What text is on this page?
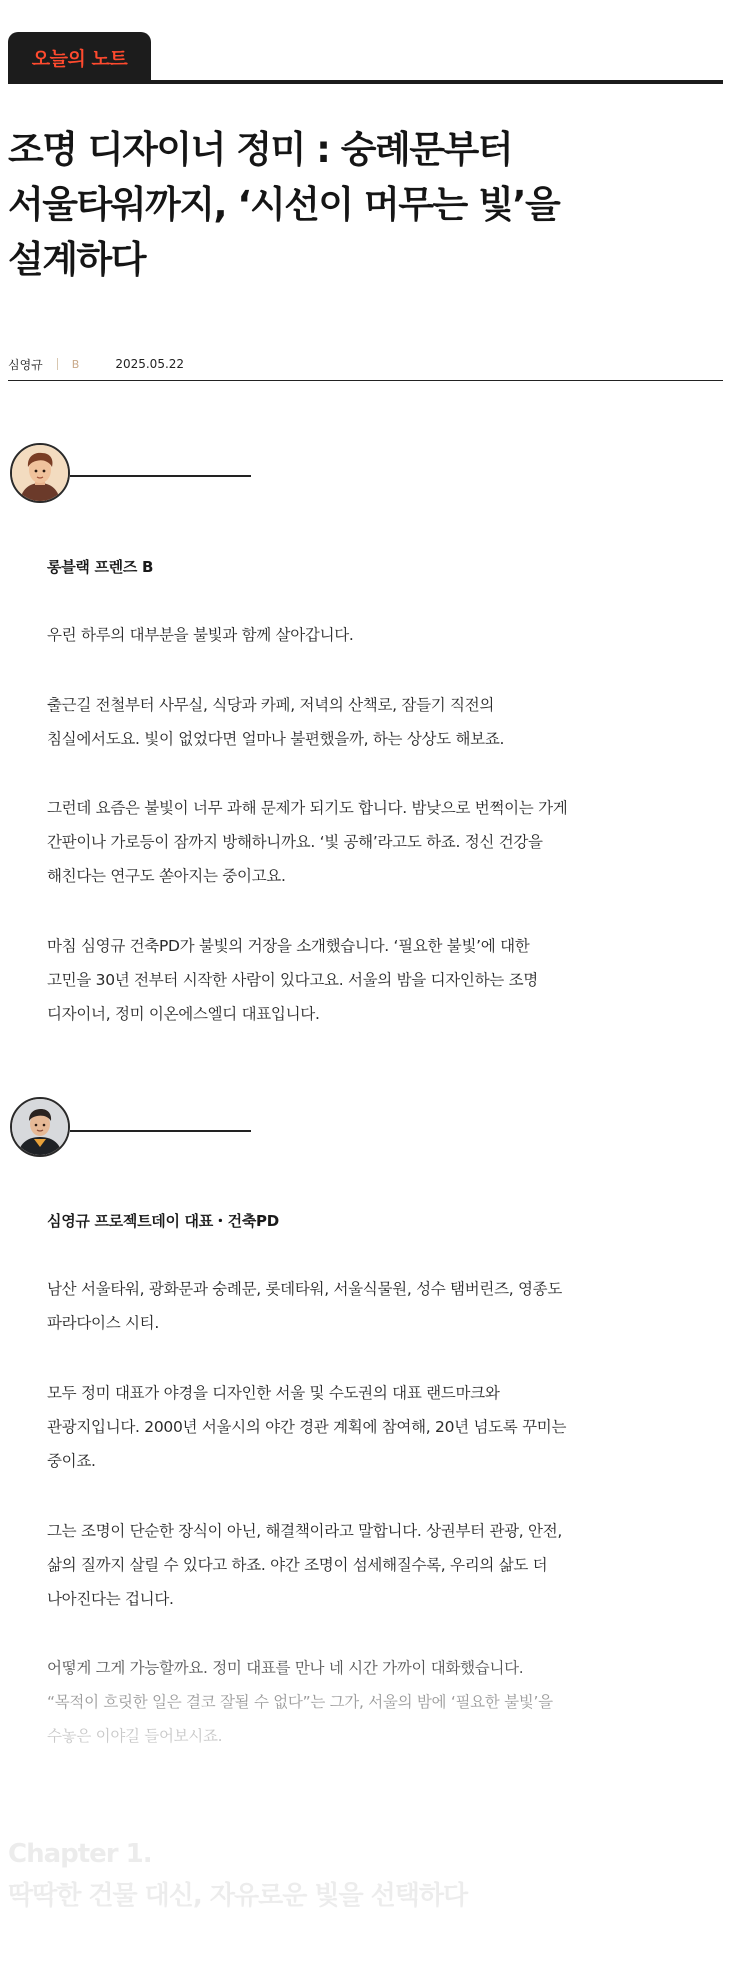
오늘의 노트
조명 디자이너 정미 : 숭례문부터
서울타워까지, ‘시선이 머무는 빛’을
설계하다
심영규	B	2025.05.22
롱블랙 프렌즈 B

우린 하루의 대부분을 불빛과 함께 살아갑니다.

출근길 전철부터 사무실, 식당과 카페, 저녁의 산책로, 잠들기 직전의
침실에서도요. 빛이 없었다면 얼마나 불편했을까, 하는 상상도 해보죠.

그런데 요즘은 불빛이 너무 과해 문제가 되기도 합니다. 밤낮으로 번쩍이는 가게
간판이나 가로등이 잠까지 방해하니까요. ‘빛 공해’라고도 하죠. 정신 건강을
해친다는 연구도 쏟아지는 중이고요.

마침 심영규 건축PD가 불빛의 거장을 소개했습니다. ‘필요한 불빛’에 대한
고민을 30년 전부터 시작한 사람이 있다고요. 서울의 밤을 디자인하는 조명
디자이너, 정미 이온에스엘디 대표입니다.

심영규 프로젝트데이 대표・건축PD

남산 서울타워, 광화문과 숭례문, 롯데타워, 서울식물원, 성수 탬버린즈, 영종도
파라다이스 시티.

모두 정미 대표가 야경을 디자인한 서울 및 수도권의 대표 랜드마크와
관광지입니다. 2000년 서울시의 야간 경관 계획에 참여해, 20년 넘도록 꾸미는
중이죠.

그는 조명이 단순한 장식이 아닌, 해결책이라고 말합니다. 상권부터 관광, 안전,
삶의 질까지 살릴 수 있다고 하죠. 야간 조명이 섬세해질수록, 우리의 삶도 더
나아진다는 겁니다.

어떻게 그게 가능할까요. 정미 대표를 만나 네 시간 가까이 대화했습니다.
“목적이 흐릿한 일은 결코 잘될 수 없다”는 그가, 서울의 밤에 ‘필요한 불빛’을
수놓은 이야길 들어보시죠.

Chapter 1.
딱딱한 건물 대신, 자유로운 빛을 선택하다
